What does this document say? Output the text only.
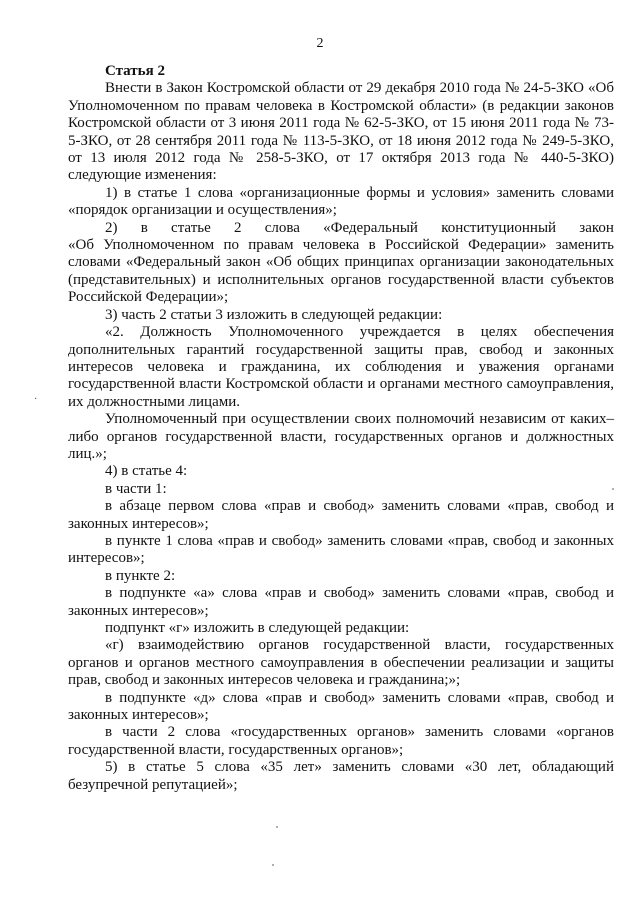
2
·

Статья 2

Внести в Закон Костромской области от 29 декабря 2010 года № 24-5-ЗКО «Об Уполномоченном по правам человека в Костромской области» (в редакции законов Костромской области от 3 июня 2011 года № 62-5-ЗКО, от 15 июня 2011 года № 73-5-ЗКО, от 28 сентября 2011 года № 113-5-ЗКО, от 18 июня 2012 года № 249-5-ЗКО, от 13 июля 2012 года № 258-5-ЗКО, от 17 октября 2013 года № 440-5-ЗКО) следующие изменения:

1) в статье 1 слова «организационные формы и условия» заменить словами «порядок организации и осуществления»;

2) в статье 2 слова «Федеральный конституционный закон

«Об Уполномоченном по правам человека в Российской Федерации» заменить словами «Федеральный закон «Об общих принципах организации законодательных (представительных) и исполнительных органов государственной власти субъектов Российской Федерации»;

3) часть 2 статьи 3 изложить в следующей редакции:

«2. Должность Уполномоченного учреждается в целях обеспечения дополнительных гарантий государственной защиты прав, свобод и законных интересов человека и гражданина, их соблюдения и уважения органами государственной власти Костромской области и органами местного самоуправления, их должностными лицами.

Уполномоченный при осуществлении своих полномочий независим от каких–либо органов государственной власти, государственных органов и должностных лиц.»;

4) в статье 4:

в части 1:

в абзаце первом слова «прав и свобод» заменить словами «прав, свобод и законных интересов»;

в пункте 1 слова «прав и свобод» заменить словами «прав, свобод и законных интересов»;

в пункте 2:

в подпункте «а» слова «прав и свобод» заменить словами «прав, свобод и законных интересов»;

подпункт «г» изложить в следующей редакции:

«г) взаимодействию органов государственной власти, государственных органов и органов местного самоуправления в обеспечении реализации и защиты прав, свобод и законных интересов человека и гражданина;»;

в подпункте «д» слова «прав и свобод» заменить словами «прав, свобод и законных интересов»;

в части 2 слова «государственных органов» заменить словами «органов государственной власти, государственных органов»;

5) в статье 5 слова «35 лет» заменить словами «30 лет, обладающий безупречной репутацией»;
